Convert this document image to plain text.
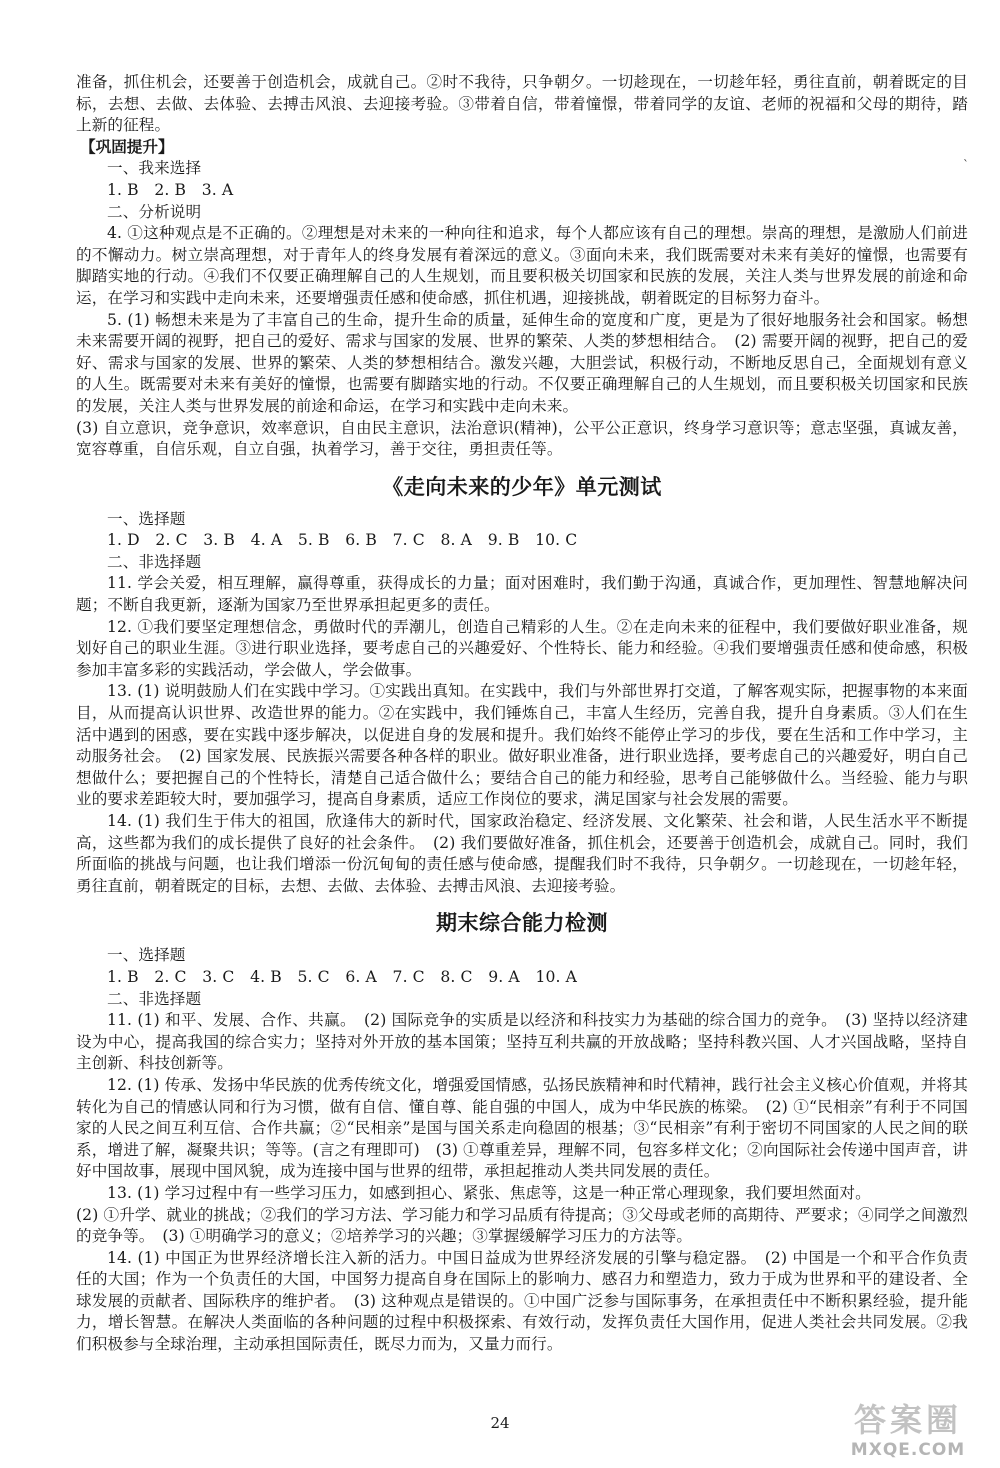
准备，抓住机会，还要善于创造机会，成就自己。②时不我待，只争朝夕。一切趁现在，一切趁年轻，勇往直前，朝着既定的目标，去想、去做、去体验、去搏击风浪、去迎接考验。③带着自信，带着憧憬，带着同学的友谊、老师的祝福和父母的期待，踏上新的征程。

【巩固提升】

一、我来选择

1. B　2. B　3. A

二、分析说明

4. ①这种观点是不正确的。②理想是对未来的一种向往和追求，每个人都应该有自己的理想。崇高的理想，是激励人们前进的不懈动力。树立崇高理想，对于青年人的终身发展有着深远的意义。③面向未来，我们既需要对未来有美好的憧憬，也需要有脚踏实地的行动。④我们不仅要正确理解自己的人生规划，而且要积极关切国家和民族的发展，关注人类与世界发展的前途和命运，在学习和实践中走向未来，还要增强责任感和使命感，抓住机遇，迎接挑战，朝着既定的目标努力奋斗。

5. (1) 畅想未来是为了丰富自己的生命，提升生命的质量，延伸生命的宽度和广度，更是为了很好地服务社会和国家。畅想未来需要开阔的视野，把自己的爱好、需求与国家的发展、世界的繁荣、人类的梦想相结合。　(2) 需要开阔的视野，把自己的爱好、需求与国家的发展、世界的繁荣、人类的梦想相结合。激发兴趣，大胆尝试，积极行动，不断地反思自己，全面规划有意义的人生。既需要对未来有美好的憧憬，也需要有脚踏实地的行动。不仅要正确理解自己的人生规划，而且要积极关切国家和民族的发展，关注人类与世界发展的前途和命运，在学习和实践中走向未来。

(3) 自立意识，竞争意识，效率意识，自由民主意识，法治意识(精神)，公平公正意识，终身学习意识等；意志坚强，真诚友善，宽容尊重，自信乐观，自立自强，执着学习，善于交往，勇担责任等。

《走向未来的少年》单元测试

一、选择题

1. D　2. C　3. B　4. A　5. B　6. B　7. C　8. A　9. B　10. C

二、非选择题

11. 学会关爱，相互理解，赢得尊重，获得成长的力量；面对困难时，我们勤于沟通，真诚合作，更加理性、智慧地解决问题；不断自我更新，逐渐为国家乃至世界承担起更多的责任。

12. ①我们要坚定理想信念，勇做时代的弄潮儿，创造自己精彩的人生。②在走向未来的征程中，我们要做好职业准备，规划好自己的职业生涯。③进行职业选择，要考虑自己的兴趣爱好、个性特长、能力和经验。④我们要增强责任感和使命感，积极参加丰富多彩的实践活动，学会做人，学会做事。

13. (1) 说明鼓励人们在实践中学习。①实践出真知。在实践中，我们与外部世界打交道，了解客观实际，把握事物的本来面目，从而提高认识世界、改造世界的能力。②在实践中，我们锤炼自己，丰富人生经历，完善自我，提升自身素质。③人们在生活中遇到的困惑，要在实践中逐步解决，以促进自身的发展和提升。我们始终不能停止学习的步伐，要在生活和工作中学习，主动服务社会。　(2) 国家发展、民族振兴需要各种各样的职业。做好职业准备，进行职业选择，要考虑自己的兴趣爱好，明白自己想做什么；要把握自己的个性特长，清楚自己适合做什么；要结合自己的能力和经验，思考自己能够做什么。当经验、能力与职业的要求差距较大时，要加强学习，提高自身素质，适应工作岗位的要求，满足国家与社会发展的需要。

14. (1) 我们生于伟大的祖国，欣逢伟大的新时代，国家政治稳定、经济发展、文化繁荣、社会和谐，人民生活水平不断提高，这些都为我们的成长提供了良好的社会条件。　(2) 我们要做好准备，抓住机会，还要善于创造机会，成就自己。同时，我们所面临的挑战与问题，也让我们增添一份沉甸甸的责任感与使命感，提醒我们时不我待，只争朝夕。一切趁现在，一切趁年轻，勇往直前，朝着既定的目标，去想、去做、去体验、去搏击风浪、去迎接考验。

期末综合能力检测

一、选择题

1. B　2. C　3. C　4. B　5. C　6. A　7. C　8. C　9. A　10. A

二、非选择题

11. (1) 和平、发展、合作、共赢。　(2) 国际竞争的实质是以经济和科技实力为基础的综合国力的竞争。　(3) 坚持以经济建设为中心，提高我国的综合实力；坚持对外开放的基本国策；坚持互利共赢的开放战略；坚持科教兴国、人才兴国战略，坚持自主创新、科技创新等。

12. (1) 传承、发扬中华民族的优秀传统文化，增强爱国情感，弘扬民族精神和时代精神，践行社会主义核心价值观，并将其转化为自己的情感认同和行为习惯，做有自信、懂自尊、能自强的中国人，成为中华民族的栋梁。　(2) ①“民相亲”有利于不同国家的人民之间互利互信、合作共赢；②“民相亲”是国与国关系走向稳固的根基；③“民相亲”有利于密切不同国家的人民之间的联系，增进了解，凝聚共识；等等。(言之有理即可)　(3) ①尊重差异，理解不同，包容多样文化；②向国际社会传递中国声音，讲好中国故事，展现中国风貌，成为连接中国与世界的纽带，承担起推动人类共同发展的责任。

13. (1) 学习过程中有一些学习压力，如感到担心、紧张、焦虑等，这是一种正常心理现象，我们要坦然面对。

(2) ①升学、就业的挑战；②我们的学习方法、学习能力和学习品质有待提高；③父母或老师的高期待、严要求；④同学之间激烈的竞争等。　(3) ①明确学习的意义；②培养学习的兴趣；③掌握缓解学习压力的方法等。

14. (1) 中国正为世界经济增长注入新的活力。中国日益成为世界经济发展的引擎与稳定器。　(2) 中国是一个和平合作负责任的大国；作为一个负责任的大国，中国努力提高自身在国际上的影响力、感召力和塑造力，致力于成为世界和平的建设者、全球发展的贡献者、国际秩序的维护者。　(3) 这种观点是错误的。①中国广泛参与国际事务，在承担责任中不断积累经验，提升能力，增长智慧。在解决人类面临的各种问题的过程中积极探索、有效行动，发挥负责任大国作用，促进人类社会共同发展。②我们积极参与全球治理，主动承担国际责任，既尽力而为，又量力而行。

`
24	答案圈
MXQE.COM
